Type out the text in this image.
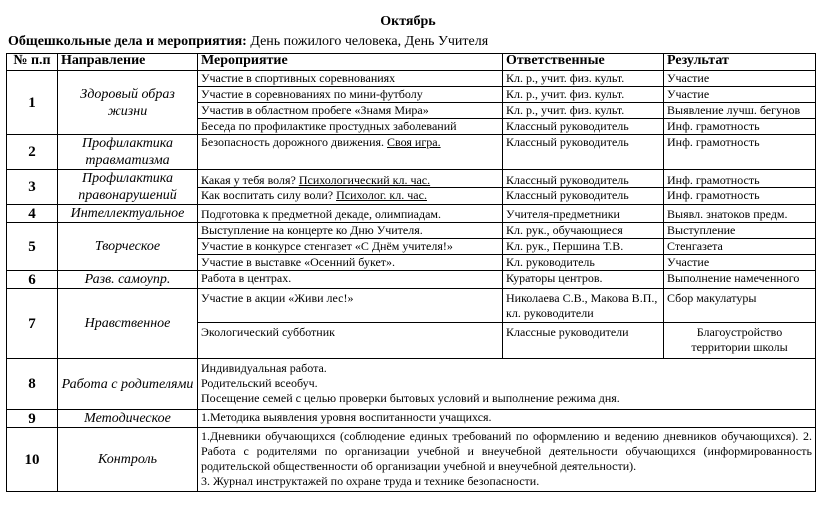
Октябрь
Общешкольные дела и мероприятия: День пожилого человека, День Учителя
№ п.п	Направление	Мероприятие	Ответственные	Результат
1	Здоровый образ жизни	Участие в спортивных соревнованиях	Кл. р., учит. физ. культ.	Участие
		Участие в соревнованиях по мини-футболу	Кл. р., учит. физ. культ.	Участие
		Участив в областном пробеге «Знамя Мира»	Кл. р., учит. физ. культ.	Выявление лучш. бегунов
		Беседа по профилактике простудных заболеваний	Классный руководитель	Инф. грамотность
2	Профилактика травматизма	Безопасность дорожного движения. Своя игра.	Классный руководитель	Инф. грамотность
3	Профилактика правонарушений	Какая у тебя воля? Психологический кл. час.	Классный руководитель	Инф. грамотность
		Как воспитать силу воли? Психолог. кл. час.	Классный руководитель	Инф. грамотность
4	Интеллектуальное	Подготовка к предметной декаде, олимпиадам.	Учителя-предметники	Выявл. знатоков предм.
5	Творческое	Выступление на концерте ко Дню Учителя.	Кл. рук., обучающиеся	Выступление
		Участие в конкурсе стенгазет «С Днём учителя!»	Кл. рук., Першина Т.В.	Стенгазета
		Участие в выставке «Осенний букет».	Кл. руководитель	Участие
6	Разв. самоупр.	Работа в центрах.	Кураторы центров.	Выполнение намеченного
7	Нравственное	Участие в акции «Живи лес!»	Николаева С.В., Макова В.П., кл. руководители	Сбор макулатуры
		Экологический субботник	Классные руководители	Благоустройство территории школы
8	Работа с родителями	Индивидуальная работа.
Родительский всеобуч.
Посещение семей с целью проверки бытовых условий и выполнение режима дня.		

9	Методическое	1.Методика выявления уровня воспитанности учащихся.		
10	Контроль	1.Дневники обучающихся (соблюдение единых требований по оформлению и ведению дневников обучающихся). 2. Работа с родителями по организации учебной и внеучебной деятельности обучающихся (информированность родительской общественности об организации учебной и внеучебной деятельности).
3. Журнал инструктажей по охране труда и технике безопасности.		
